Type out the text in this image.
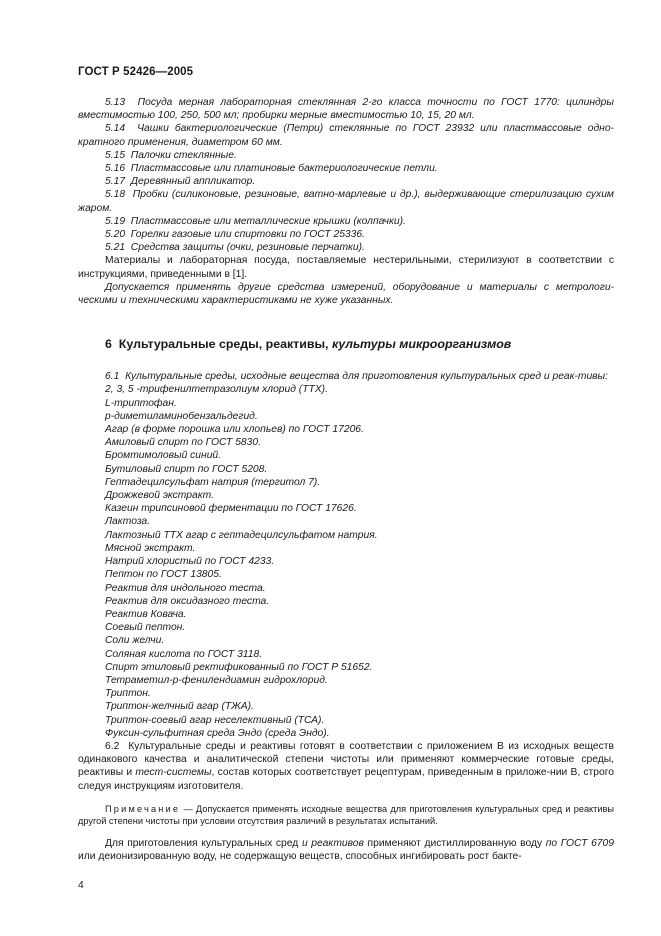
ГОСТ Р 52426—2005

5.13 Посуда мерная лабораторная стеклянная 2-го класса точности по ГОСТ 1770: цилиндры вместимостью 100, 250, 500 мл; пробирки мерные вместимостью 10, 15, 20 мл.

5.14 Чашки бактериологические (Петри) стеклянные по ГОСТ 23932 или пластмассовые одно-кратного применения, диаметром 60 мм.

5.15 Палочки стеклянные.

5.16 Пластмассовые или платиновые бактериологические петли.

5.17 Деревянный аппликатор.

5.18 Пробки (силиконовые, резиновые, ватно-марлевые и др.), выдерживающие стерилизацию сухим жаром.

5.19 Пластмассовые или металлические крышки (колпачки).

5.20 Горелки газовые или спиртовки по ГОСТ 25336.

5.21 Средства защиты (очки, резиновые перчатки).

Материалы и лабораторная посуда, поставляемые нестерильными, стерилизуют в соответствии с инструкциями, приведенными в [1].

Допускается применять другие средства измерений, оборудование и материалы с метрологи-ческими и техническими характеристиками не хуже указанных.

6 Культуральные среды, реактивы, культуры микроорганизмов

6.1 Культуральные среды, исходные вещества для приготовления культуральных сред и реак-тивы:

2, 3, 5 -трифенилтетразолиум хлорид (ТТХ).

L-триптофан.

р-диметиламинобензальдегид.

Агар (в форме порошка или хлопьев) по ГОСТ 17206.

Амиловый спирт по ГОСТ 5830.

Бромтимоловый синий.

Бутиловый спирт по ГОСТ 5208.

Гептадецилсульфат натрия (тергитол 7).

Дрожжевой экстракт.

Казеин трипсиновой ферментации по ГОСТ 17626.

Лактоза.

Лактозный ТТХ агар с гептадецилсульфатом натрия.

Мясной экстракт.

Натрий хлористый по ГОСТ 4233.

Пептон по ГОСТ 13805.

Реактив для индольного теста.

Реактив для оксидазного теста.

Реактив Ковача.

Соевый пептон.

Соли желчи.

Соляная кислота по ГОСТ 3118.

Спирт этиловый ректификованный по ГОСТ Р 51652.

Тетраметил-р-фенилендиамин гидрохлорид.

Триптон.

Триптон-желчный агар (ТЖА).

Триптон-соевый агар неселективный (ТСА).

Фуксин-сульфитная среда Эндо (среда Эндо).

6.2 Культуральные среды и реактивы готовят в соответствии с приложением В из исходных веществ одинакового качества и аналитической степени чистоты или применяют коммерческие готовые среды, реактивы и тест-системы, состав которых соответствует рецептурам, приведенным в приложе-нии В, строго следуя инструкциям изготовителя.

Примечание — Допускается применять исходные вещества для приготовления культуральных сред и реактивы другой степени чистоты при условии отсутствия различий в результатах испытаний.

Для приготовления культуральных сред и реактивов применяют дистиллированную воду по ГОСТ 6709 или деионизированную воду, не содержащую веществ, способных ингибировать рост бакте-

4
